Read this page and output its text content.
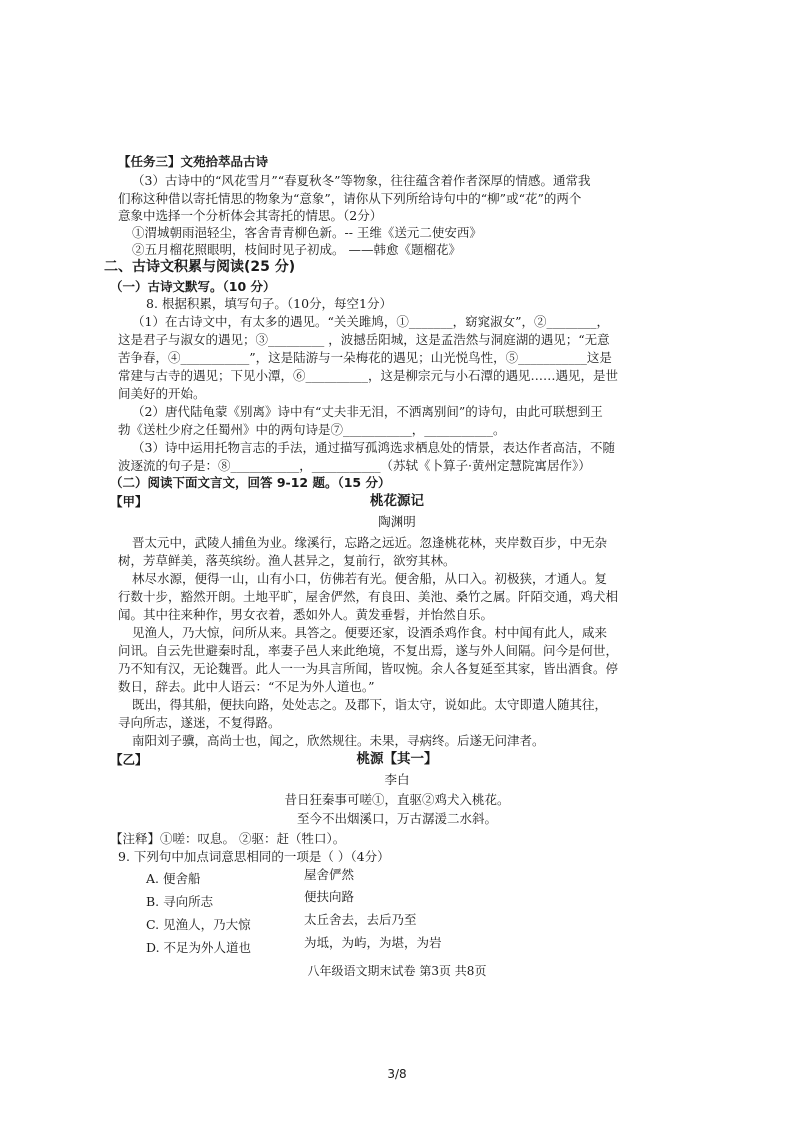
【任务三】文苑拾萃品古诗
（3）古诗中的“风花雪月”“春夏秋冬”等物象，往往蕴含着作者深厚的情感。通常我
们称这种借以寄托情思的物象为“意象”，请你从下列所给诗句中的“柳”或“花”的两个
意象中选择一个分析体会其寄托的情思。（2分）
①渭城朝雨浥轻尘，客舍青青柳色新。-- 王维《送元二使安西》
②五月榴花照眼明，枝间时见子初成。 ——韩愈《题榴花》
二、古诗文积累与阅读(25 分)
（一）古诗文默写。（10 分）
8. 根据积累，填写句子。（10分，每空1分）
（1）在古诗文中，有太多的遇见。“关关雎鸠，①_______，窈窕淑女”，②________，
这是君子与淑女的遇见；③_________ ，波撼岳阳城，这是孟浩然与洞庭湖的遇见；“无意
苦争春，④___________”，这是陆游与一朵梅花的遇见；山光悦鸟性，⑤___________这是
常建与古寺的遇见；下见小潭，⑥__________，这是柳宗元与小石潭的遇见……遇见，是世
间美好的开始。
（2）唐代陆龟蒙《别离》诗中有“丈夫非无泪，不洒离别间”的诗句，由此可联想到王
勃《送杜少府之任蜀州》中的两句诗是⑦___________，___________。
（3）诗中运用托物言志的手法，通过描写孤鸿选求栖息处的情景，表达作者高洁，不随
波逐流的句子是：⑧___________，___________（苏轼《卜算子·黄州定慧院寓居作》）
（二）阅读下面文言文，回答 9-12 题。（15 分）
【甲】	桃花源记
陶渊明
晋太元中，武陵人捕鱼为业。缘溪行，忘路之远近。忽逢桃花林，夹岸数百步，中无杂
树，芳草鲜美，落英缤纷。渔人甚异之，复前行，欲穷其林。
林尽水源，便得一山，山有小口，仿佛若有光。便舍船，从口入。初极狭，才通人。复
行数十步，豁然开朗。土地平旷，屋舍俨然，有良田、美池、桑竹之属。阡陌交通，鸡犬相
闻。其中往来种作，男女衣着，悉如外人。黄发垂髫，并怡然自乐。
见渔人，乃大惊，问所从来。具答之。便要还家，设酒杀鸡作食。村中闻有此人，咸来
问讯。自云先世避秦时乱，率妻子邑人来此绝境，不复出焉，遂与外人间隔。问今是何世，
乃不知有汉，无论魏晋。此人一一为具言所闻，皆叹惋。余人各复延至其家，皆出酒食。停
数日，辞去。此中人语云：“不足为外人道也。”
既出，得其船，便扶向路，处处志之。及郡下，诣太守，说如此。太守即遣人随其往，
寻向所志，遂迷，不复得路。
南阳刘子骥，高尚士也，闻之，欣然规往。未果，寻病终。后遂无问津者。
【乙】	桃源【其一】
李白
昔日狂秦事可嗟①，直驱②鸡犬入桃花。
至今不出烟溪口，万古潺湲二水斜。
【注释】①嗟：叹息。 ②驱：赶（牲口）。
9. 下列句中加点词意思相同的一项是（ ）（4分）
A. 便舍船	屋舍俨然
B. 寻向所志	便扶向路
C. 见渔人，乃大惊	太丘舍去，去后乃至
D. 不足为外人道也	为坻，为屿，为堪，为岩
八年级语文期末试卷 第3页 共8页
3/8
